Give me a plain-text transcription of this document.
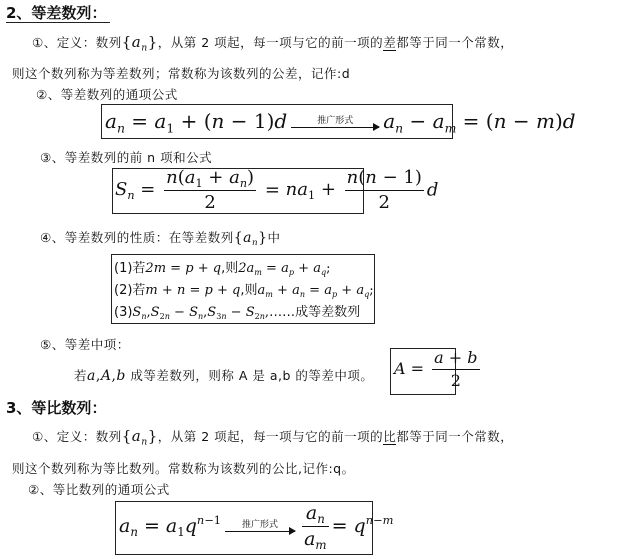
2、等差数列：
①、定义：数列$\{a_n\}$，从第 2 项起，每一项与它的前一项的差都等于同一个常数，
则这个数列称为等差数列；常数称为该数列的公差，记作:d
②、等差数列的通项公式
$a_n = a_1 + (n - 1)d$	推广形式 $a_n - a_m = (n - m)d$
③、等差数列的前 n 项和公式
$S_n = \frac{n(a_1 + a_n)}{2} = na_1 + \frac{n(n - 1)}{2}$ d
④、等差数列的性质：在等差数列$\{a_n\}$中
(1)若2m = p + q,则$2a_m = a_p + a_q$;
(2)若m + n = p + q,则$a_m + a_n = a_p + a_q$;
$(3)S_n,S_{2n} - S_n,S_{3n}$ − $S_{2n},\dots\dots$成等差数列
⑤、等差中项：
若a,A,b 成等差数列，则称 A 是 a,b 的等差中项。 $A = \frac{a + b}{2}$
3、等比数列：
①、定义：数列$\{a_n\}$，从第 2 项起，每一项与它的前一项的比都等于同一个常数，
则这个数列称为等比数列。常数称为该数列的公比,记作:q。
②、等比数列的通项公式
$a_n = a_1q^{n-1}$ 推广形式 $\frac{a_n}{a_m} = q^{n-m}$
